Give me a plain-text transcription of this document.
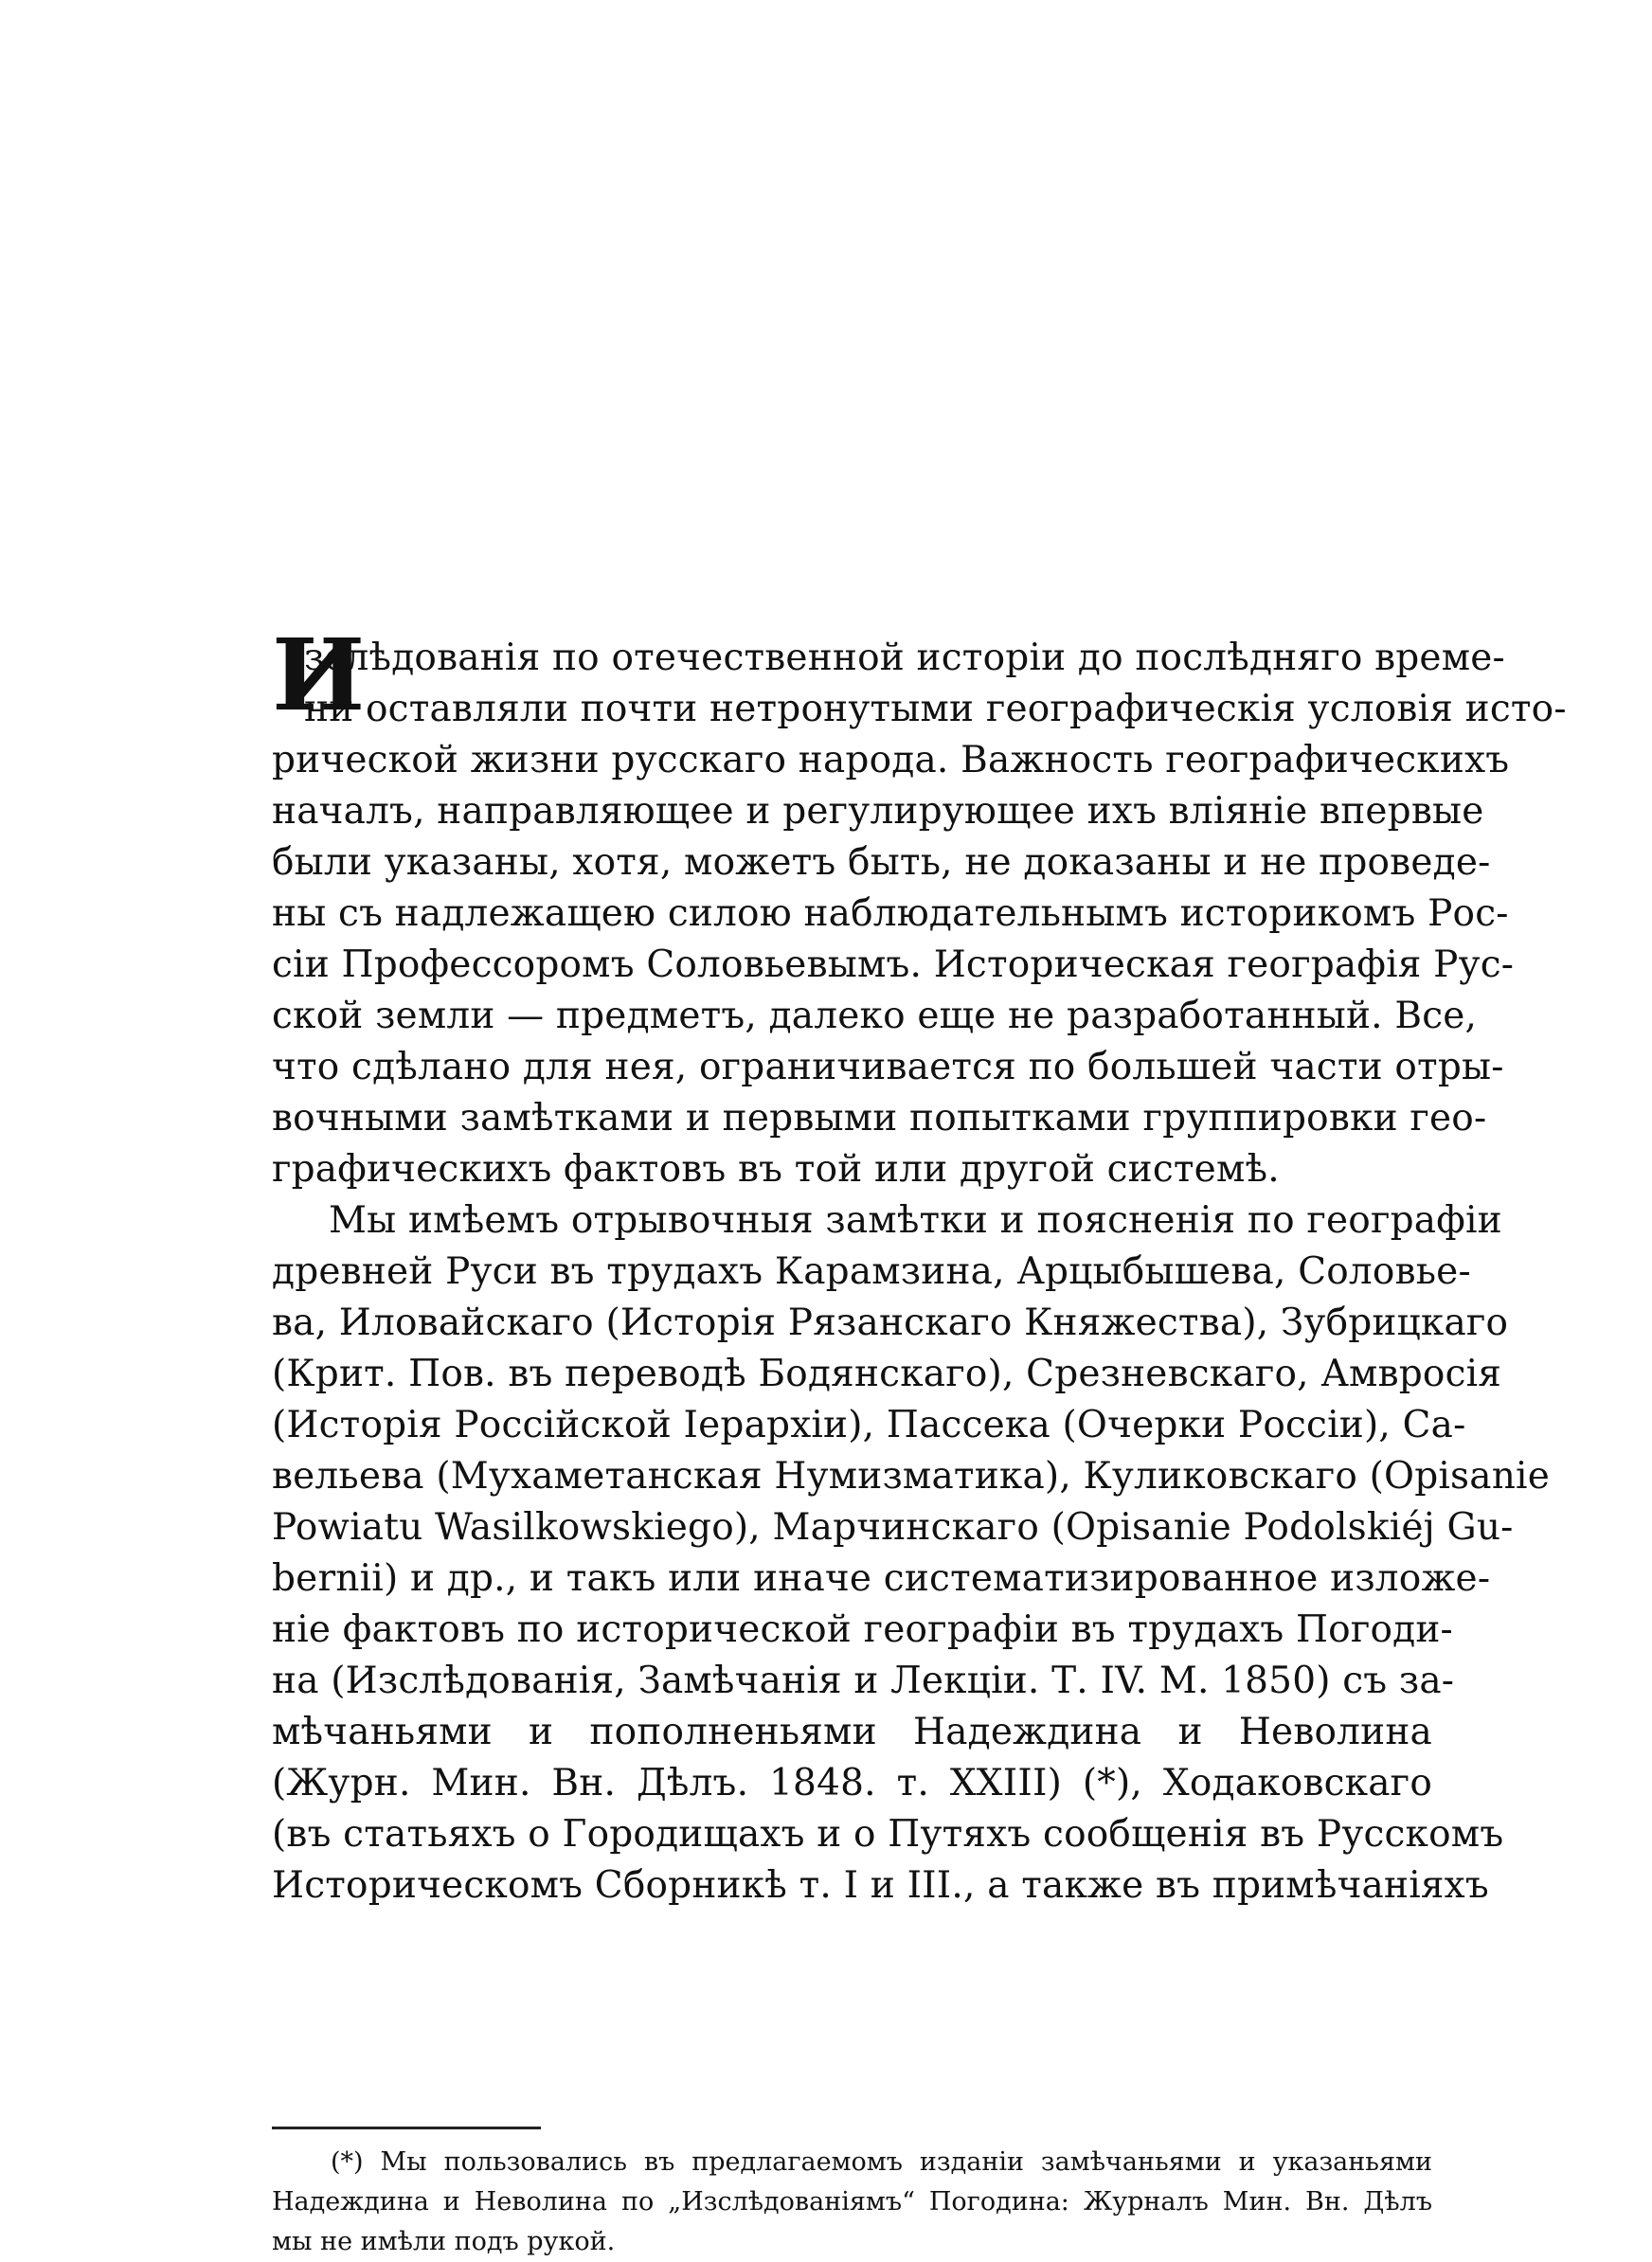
И
зслѣдованія по отечественной исторіи до послѣдняго време-
ни оставляли почти нетронутыми географическія условія исто-
рической жизни русскаго народа. Важность географическихъ
началъ, направляющее и регулирующее ихъ вліяніе впервые
были указаны, хотя, можетъ быть, не доказаны и не проведе-
ны съ надлежащею силою наблюдательнымъ историкомъ Рос-
сіи Профессоромъ Соловьевымъ. Историческая географія Рус-
ской земли — предметъ, далеко еще не разработанный. Все,
что сдѣлано для нея, ограничивается по большей части отры-
вочными замѣтками и первыми попытками группировки гео-
графическихъ фактовъ въ той или другой системѣ.
Мы имѣемъ отрывочныя замѣтки и поясненія по географіи
древней Руси въ трудахъ Карамзина, Арцыбышева, Соловье-
ва, Иловайскаго (Исторія Рязанскаго Княжества), Зубрицкаго
(Крит. Пов. въ переводѣ Бодянскаго), Срезневскаго, Амвросія
(Исторія Россійской Іерархіи), Пассека (Очерки Россіи), Са-
вельева (Мухаметанская Нумизматика), Куликовскаго (Opisanie
Powiatu Wasilkowskiego), Марчинскаго (Opisanie Podolskiéj Gu-
bernii) и др., и такъ или иначе систематизированное изложе-
ніе фактовъ по исторической географіи въ трудахъ Погоди-
на (Изслѣдованія, Замѣчанія и Лекціи. Т. IV. М. 1850) съ за-
мѣчаньями и пополненьями Надеждина и Неволина
(Журн. Мин. Вн. Дѣлъ. 1848. т. XXIII) (*), Ходаковскаго
(въ статьяхъ о Городищахъ и о Путяхъ сообщенія въ Русскомъ
Историческомъ Сборникѣ т. I и III., а также въ примѣчаніяхъ
(*) Мы пользовались въ предлагаемомъ изданіи замѣчаньями и указаньями
Надеждина и Неволина по „Изслѣдованіямъ“ Погодина: Журналъ Мин. Вн. Дѣлъ
мы не имѣли подъ рукой.
